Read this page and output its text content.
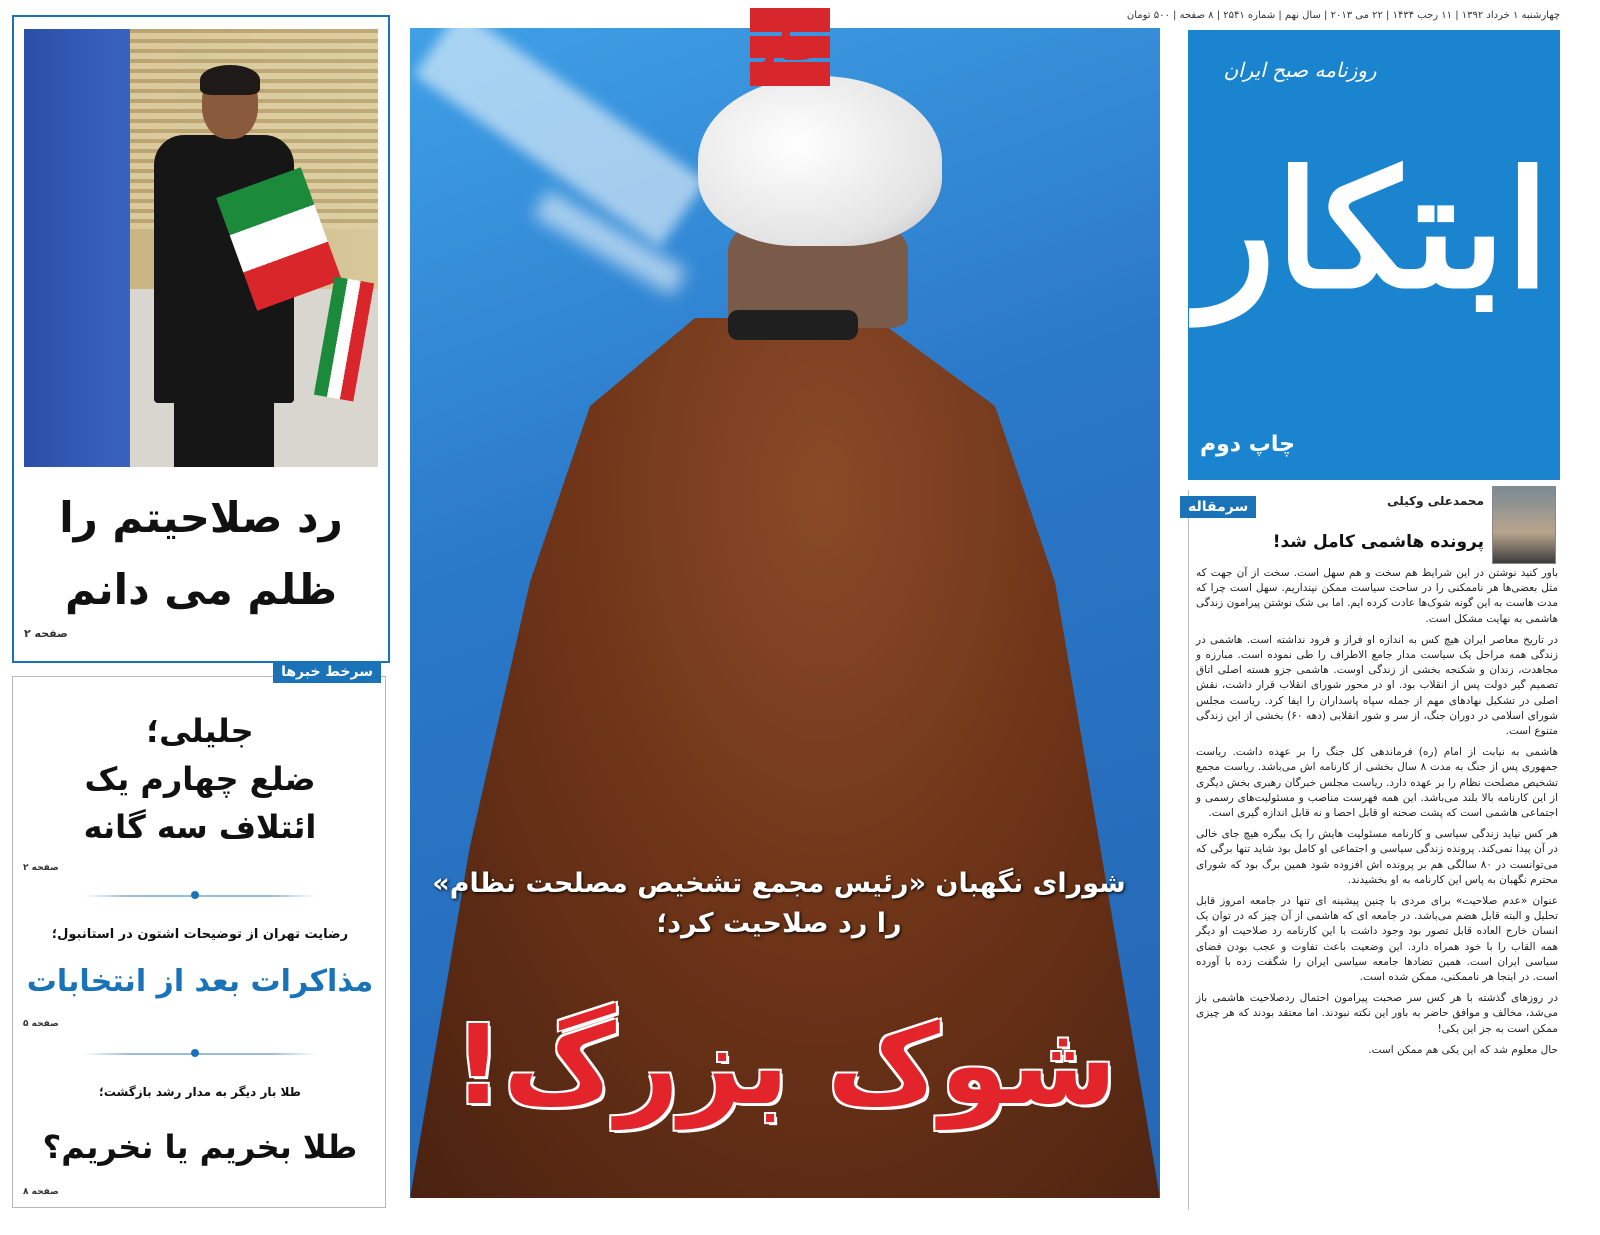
رد صلاحیتم را
ظلم می دانم
صفحه ۲
سرخط خبرها
جلیلی؛
ضلع چهارم یک
ائتلاف سه گانه
صفحه ۲
رضایت تهران از توضیحات اشتون در استانبول؛
مذاکرات بعد از انتخابات
صفحه ۵
طلا بار دیگر به مدار رشد بازگشت؛
طلا بخریم یا نخریم؟
صفحه ۸
جار
شورای نگهبان «رئیس مجمع تشخیص مصلحت نظام»
را رد صلاحیت کرد؛
شوک بزرگ!
چهارشنبه ۱ خرداد ۱۳۹۲ | ۱۱ رجب ۱۴۳۴ | ۲۲ می ۲۰۱۳ | سال نهم | شماره ۲۵۴۱ | ۸ صفحه | ۵۰۰ تومان
ابتکار
روزنامه صبح ایران
چاپ دوم
سرمقاله	محمدعلی وکیلی
پرونده هاشمی کامل شد!

باور کنید نوشتن در این شرایط هم سخت و هم سهل است. سخت از آن جهت که مثل بعضی‌ها هر ناممکنی را در ساحت سیاست ممکن نپنداریم. سهل است چرا که مدت هاست به این گونه شوک‌ها عادت کرده ایم. اما بی شک نوشتن پیرامون زندگی هاشمی به نهایت مشکل است.

در تاریخ معاصر ایران هیچ کس به اندازه او فراز و فرود نداشته است. هاشمی در زندگی همه مراحل یک سیاست مدار جامع الاطراف را طی نموده است. مبارزه و مجاهدت، زندان و شکنجه بخشی از زندگی اوست. هاشمی جزو هسته اصلی اتاق تصمیم گیر دولت پس از انقلاب بود. او در محور شورای انقلاب قرار داشت، نقش اصلی در تشکیل نهادهای مهم از جمله سپاه پاسداران را ایفا کرد. ریاست مجلس شورای اسلامی در دوران جنگ، از سر و شور انقلابی (دهه ۶۰) بخشی از این زندگی متنوع است.

هاشمی به نیابت از امام (ره) فرماندهی کل جنگ را بر عهده داشت. ریاست جمهوری پس از جنگ به مدت ۸ سال بخشی از کارنامه اش می‌باشد. ریاست مجمع تشخیص مصلحت نظام را بر عهده دارد. ریاست مجلس خبرگان رهبری بخش دیگری از این کارنامه بالا بلند می‌باشد. این همه فهرست مناصب و مسئولیت‌های رسمی و اجتماعی هاشمی است که پشت صحنه او قابل احصا و نه قابل اندازه گیری است.

هر کس نیاید زندگی سیاسی و کارنامه مسئولیت هایش را یک بیگره هیچ جای خالی در آن پیدا نمی‌کند. پرونده زندگی سیاسی و اجتماعی او کامل بود شاید تنها برگی که می‌توانست در ۸۰ سالگی هم بر پرونده اش افزوده شود همین برگ بود که شورای محترم نگهبان به پاس این کارنامه به او بخشیدند.

عنوان «عدم صلاحیت» برای مردی با چنین پیشینه ای تنها در جامعه امروز قابل تحلیل و البته قابل هضم می‌باشد. در جامعه ای که هاشمی از آن چیز که در توان یک انسان خارج العاده قابل تصور بود وجود داشت با این کارنامه رد صلاحیت او دیگر همه القاب را با خود همراه دارد. این وضعیت باعث تفاوت و عجب بودن فضای سیاسی ایران است. همین تضادها جامعه سیاسی ایران را شگفت زده با آورده است. در اینجا هر ناممکنی، ممکن شده است.

در روزهای گذشته با هر کس سر صحبت پیرامون احتمال ردصلاحیت هاشمی باز می‌شد، مخالف و موافق حاضر به باور این نکته نبودند. اما معتقد بودند که هر چیزی ممکن است به جز این یکی!

حال معلوم شد که این یکی هم ممکن است.
